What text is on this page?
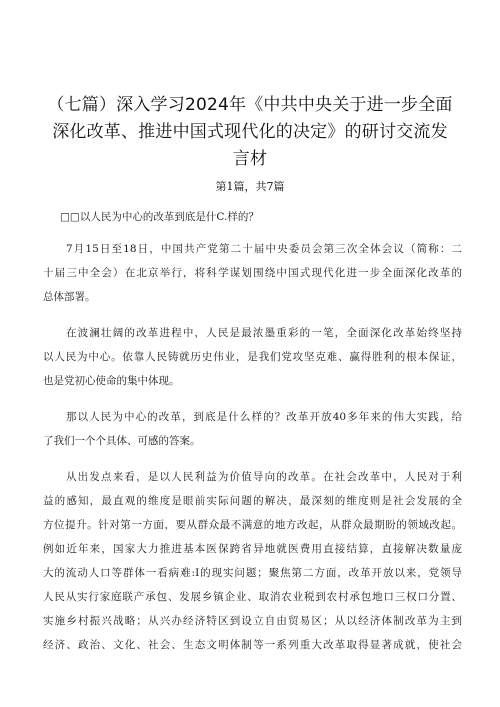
（七篇）深入学习2024年《中共中央关于进一步全面
深化改革、推进中国式现代化的决定》的研讨交流发
言材
第1篇，共7篇
□□以人民为中心的改革到底是什C.样的？
7月15日至18日，中国共产党第二十届中央委员会第三次全体会议（简称：二
十届三中全会）在北京举行，将科学谋划围绕中国式现代化进一步全面深化改革的
总体部署。
在波澜壮阔的改革进程中，人民是最浓墨重彩的一笔，全面深化改革始终坚持
以人民为中心。依靠人民铸就历史伟业，是我们党攻坚克难、赢得胜利的根本保证，
也是党初心使命的集中体现。
那以人民为中心的改革，到底是什么样的？改革开放40多年来的伟大实践，给
了我们一个个具体、可感的答案。
从出发点来看，是以人民利益为价值导向的改革。在社会改革中，人民对于利
益的感知，最直观的维度是眼前实际问题的解决，最深刻的维度则是社会发展的全
方位提升。针对第一方面，要从群众最不满意的地方改起，从群众最期盼的领域改起。
例如近年来，国家大力推进基本医保跨省异地就医费用直接结算，直接解决数量庞
大的流动人口等群体一看病难:I的现实问题；聚焦第二方面，改革开放以来，党领导
人民从实行家庭联产承包、发展乡镇企业、取消农业税到农村承包地口三权口分置、
实施乡村振兴战略；从兴办经济特区到设立自由贸易区；从以经济体制改革为主到
经济、政治、文化、社会、生态文明体制等一系列重大改革取得显著成就，使社会
